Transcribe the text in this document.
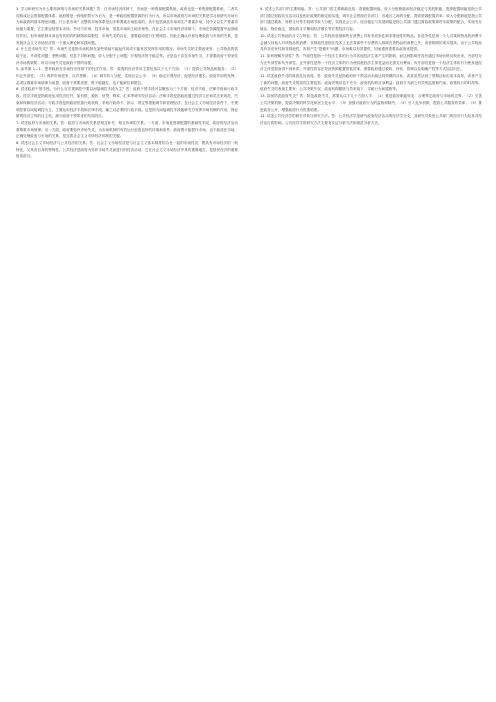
3. 学习和研究为什么要再深刻与市场的关系问题？答：在市场经济体制下，市场是一种资源配置系统，政府也是一种资源配置系统，二者共同构成社会资源配置体系。政府既是一种组织的行为行为，是一种政府配置资源的行为行为，所以市场政府与市场的关系是学习和研究市场行为和政府的基本理论问题。什么是市场？完整的市场体系是由多种要素市场组成的，其中包括商品市场和生产要素市场，其中又以生产要素市场最为重要，它主要包括资本市场、劳动力市场、技术市场、信息市场和土地市场等。在社会主义市场经济体制下，市场在资源配置中起基础性作用。但市场机制本身也有其固有的缺陷和局限性，市场失灵的存在，需要政府进行宏观调控。因此正确认识和处理政府与市场的关系，是发展社会主义市场经济的一个重大理论和实践问题。

4. 什么是市场失灵？答：市场失灵是指市场机制在某些领域不能起作用或不能有效发挥作用的情况。市场失灵的主要表现有：公共物品的供给不足；外部性问题；垄断问题；信息不对称问题；收入分配不公问题；宏观经济的不稳定等。正是由于存在市场失灵，才需要政府干预来弥补市场的缺陷，所以市场失灵是政府干预的前提。

5. 参考第 1—1、思考政府在市场经济体制下的经济作用。答：政府的经济作用主要包括以下几个方面：（1）提供公共物品和服务；（2）纠正外部性；（3）维护市场竞争，反对垄断；（4）调节收入分配，实现社会公平；（5）稳定宏观经济，促进经济增长。政府作用的发挥，必须以尊重市场规律为前提，政府干预要适度，既不能越位，也不能缺位和错位。

6. 试述政府干预手段。为什么在宏观调控中要以间接调控手段为主？答：政府干预手段可以概括为三个方面：经济手段、法律手段和行政手段。经济手段是指政府运用经济杠杆，如价格、税收、信贷、利率、汇率等调节经济活动；法律手段是指政府通过经济立法和司法来规范、约束和保障经济活动；行政手段是指政府依靠行政机构，采取行政命令、指示、规定等措施调节和管理经济。在社会主义市场经济条件下，宏观调控要以间接调控为主，主要运用经济手段和法律手段，辅之以必要的行政手段。这是因为间接调控手段能够充分发挥市场机制的作用，保证微观经济主体的自主权，减少政府干预带来的负面效应。

7. 试述政府与市场的关系。答：政府与市场的关系是相互补充、相互协调的关系。一方面，市场是资源配置的基础性手段，政府的经济活动要尊重市场规律；另一方面，政府要弥补市场失灵，为市场机制的有效运行创造良好的环境和条件。政府既不能替代市场，也不能放任市场。正确处理政府与市场的关系，是完善社会主义市场经济体制的关键。

8. 试述社会主义市场经济与公共经济的关系。答：社会主义市场经济是与社会主义基本制度结合在一起的市场经济，既具有市场经济的一般特征，又具有自身的特殊性。公共经济是政府为弥补市场失灵而进行的经济活动，它在社会主义市场经济中具有重要地位，是国民经济的重要组成部分。

9. 试述公共部门的主要职能。答：公共部门的主要职能包括：资源配置职能、收入分配职能和经济稳定与发展职能。资源配置职能是指公共部门通过财政收支活动以及相应政策的制定和实施，调节社会资源在各部门、各地区之间的分配，提高资源配置效率；收入分配职能是指公共部门通过税收、转移支付等手段调节收入分配，实现社会公平；经济稳定与发展职能是指公共部门通过财政政策和货币政策的配合，实现充分就业、物价稳定、国际收支平衡和经济增长等宏观经济目标。

10. 试述公共物品的含义与特征。答：公共物品是指那些在消费上具有非竞争性和非排他性的物品。非竞争性是指一个人对某种物品的消费不会减少其他人对该物品的消费；非排他性是指在技术上无法将那些不付费的人排除在该物品的消费之外，或者排除的成本很高。由于公共物品具有非竞争性和非排他性，容易产生"搭便车"问题，市场难以有效提供，因而通常需要由政府来提供。

11. 如何理解外部性？答：外部性是指一个经济主体的行为对其他经济主体产生的影响，而这种影响并没有通过市场价格反映出来。外部性分为正外部性和负外部性。正外部性是指一个经济主体的行为使其他经济主体受益而无需支付费用；负外部性是指一个经济主体的行为使其他经济主体受损而得不到补偿。外部性的存在导致资源配置的低效率，需要政府通过税收、补贴、管制以及明确产权等方式加以纠正。

12. 试述政府失灵的原因及其表现。答：政府失灵是指政府的干预活动未能达到预期的目标，或者虽然达到了预期目标但成本高昂，或者产生了新的问题。政府失灵的原因主要包括：政府决策信息不充分；政府机构的自身利益；政府行为缺乏有效的监督和约束；政策执行的时滞等。政府失灵的表现主要有：公共决策失误、政府机构膨胀与效率低下、寻租行为和腐败等。

13. 如何防范政府失灵？答：防范政府失灵，需要从以下几个方面入手：（1）推进政府职能转变，合理界定政府与市场的边界；（2）完善公共决策机制，提高决策的科学化和民主化水平；（3）加强对政府行为的监督和制约；（4）引入竞争机制，提高公共服务的效率；（5）推进政务公开，增强政府行为的透明度。

14. 试述公共经济学的研究对象与研究方法。答：公共经济学是研究政府经济活动的经济学分支，其研究对象是公共部门的经济行为及其对经济运行的影响。公共经济学的研究方法主要有实证分析方法和规范分析方法。
